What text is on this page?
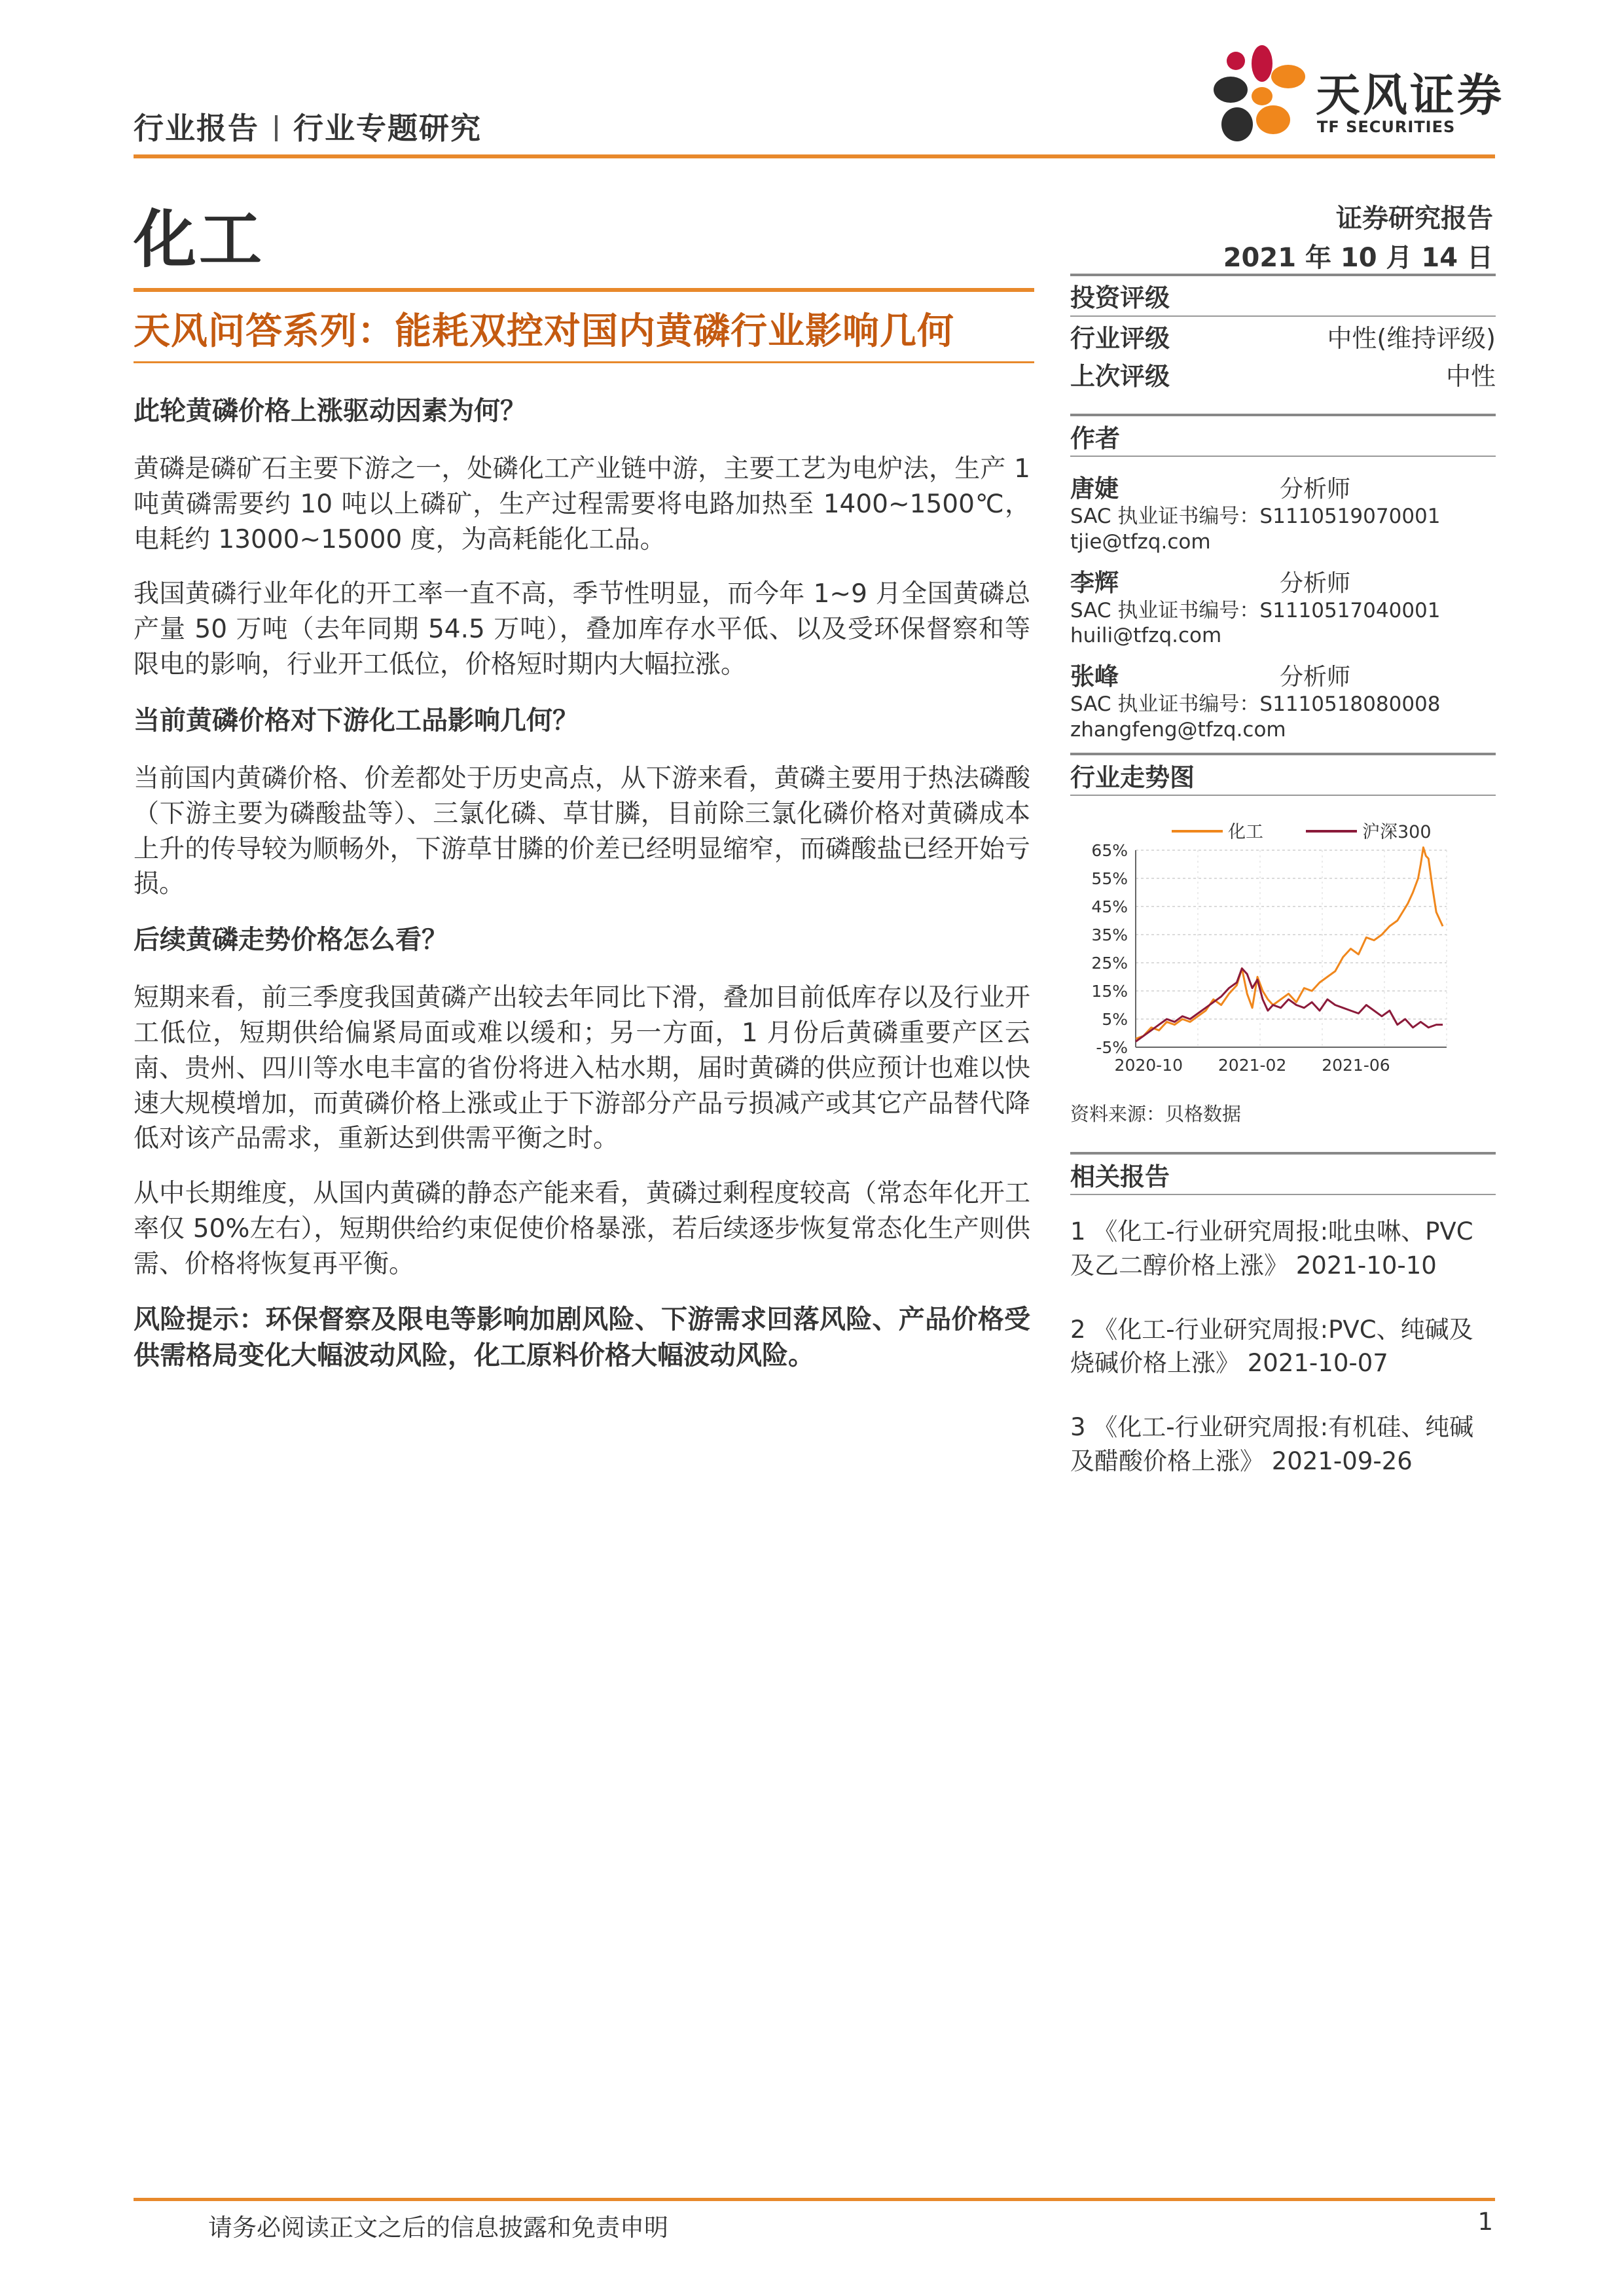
行业报告 行业专题研究
天风证券
TF SECURITIES
化工	证券研究报告
2021 年 10 月 14 日
天风问答系列：能耗双控对国内黄磷行业影响几何
此轮黄磷价格上涨驱动因素为何？
黄磷是磷矿石主要下游之一，处磷化工产业链中游，主要工艺为电炉法，生产 1 吨黄磷需要约 10 吨以上磷矿，生产过程需要将电路加热至 1400~1500℃，电耗约 13000~15000 度，为高耗能化工品。
我国黄磷行业年化的开工率一直不高，季节性明显，而今年 1~9 月全国黄磷总产量 50 万吨（去年同期 54.5 万吨），叠加库存水平低、以及受环保督察和等限电的影响，行业开工低位，价格短时期内大幅拉涨。
当前黄磷价格对下游化工品影响几何？
当前国内黄磷价格、价差都处于历史高点，从下游来看，黄磷主要用于热法磷酸（下游主要为磷酸盐等）、三氯化磷、草甘膦，目前除三氯化磷价格对黄磷成本上升的传导较为顺畅外，下游草甘膦的价差已经明显缩窄，而磷酸盐已经开始亏损。
后续黄磷走势价格怎么看？
短期来看，前三季度我国黄磷产出较去年同比下滑，叠加目前低库存以及行业开工低位，短期供给偏紧局面或难以缓和；另一方面，1 月份后黄磷重要产区云南、贵州、四川等水电丰富的省份将进入枯水期，届时黄磷的供应预计也难以快速大规模增加，而黄磷价格上涨或止于下游部分产品亏损减产或其它产品替代降低对该产品需求，重新达到供需平衡之时。
从中长期维度，从国内黄磷的静态产能来看，黄磷过剩程度较高（常态年化开工率仅 50%左右），短期供给约束促使价格暴涨，若后续逐步恢复常态化生产则供需、价格将恢复再平衡。
风险提示：环保督察及限电等影响加剧风险、下游需求回落风险、产品价格受供需格局变化大幅波动风险，化工原料价格大幅波动风险。
投资评级
行业评级	中性(维持评级)
上次评级	中性
作者
唐婕	分析师
SAC 执业证书编号：S1110519070001
tjie@tfzq.com
李辉	分析师
SAC 执业证书编号：S1110517040001
huili@tfzq.com
张峰	分析师
SAC 执业证书编号：S1110518080008
zhangfeng@tfzq.com
行业走势图
化工	沪深300
65%
55%
45%
35%
25%
15%
5%
-5%
2020-10 2021-02 2021-06
资料来源：贝格数据
相关报告
1 《化工-行业研究周报:吡虫啉、PVC 及乙二醇价格上涨》 2021-10-10
2 《化工-行业研究周报:PVC、纯碱及烧碱价格上涨》 2021-10-07
3 《化工-行业研究周报:有机硅、纯碱及醋酸价格上涨》 2021-09-26
请务必阅读正文之后的信息披露和免责申明	1
